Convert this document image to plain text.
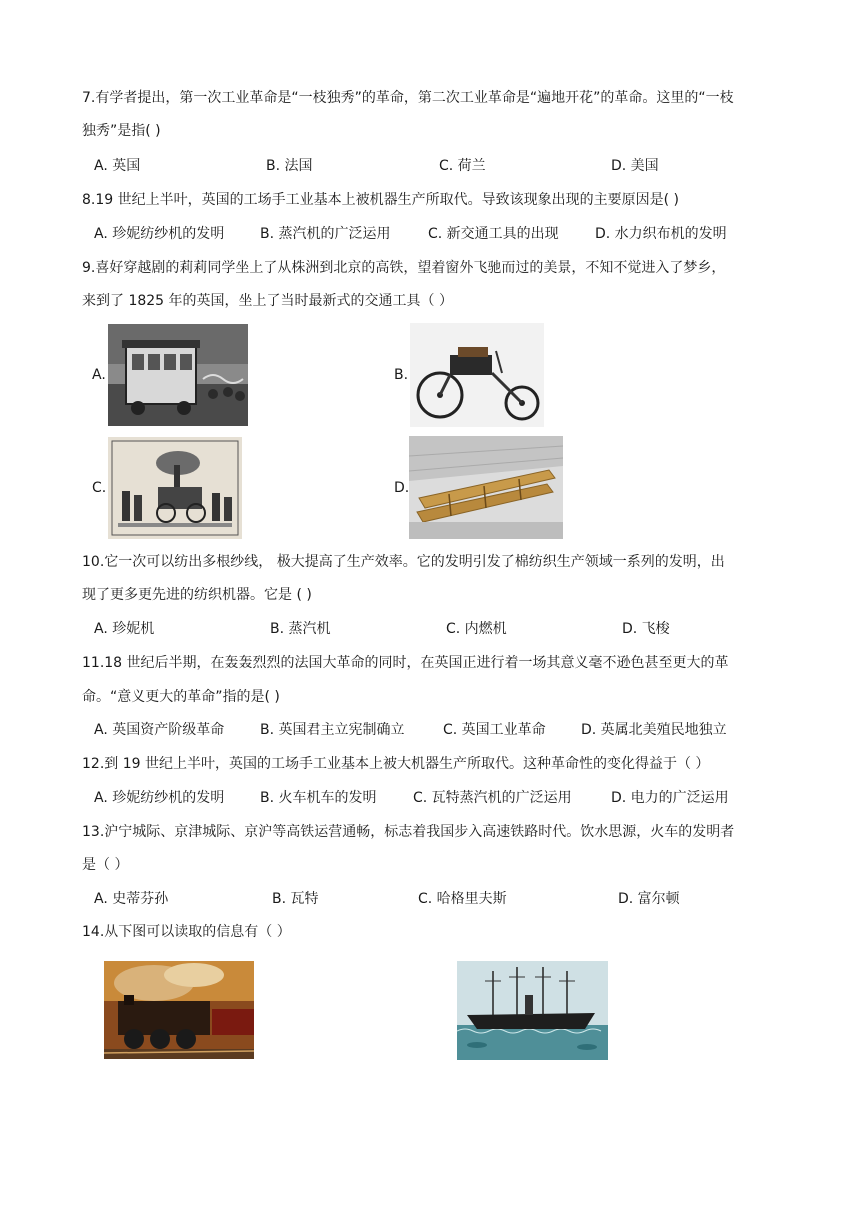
7.有学者提出，第一次工业革命是“一枝独秀”的革命，第二次工业革命是“遍地开花”的革命。这里的“一枝
独秀”是指( )
A. 英国	B. 法国	C. 荷兰	D. 美国
8.19 世纪上半叶，英国的工场手工业基本上被机器生产所取代。导致该现象出现的主要原因是( )
A. 珍妮纺纱机的发明	B. 蒸汽机的广泛运用	C. 新交通工具的出现	D. 水力织布机的发明
9.喜好穿越剧的莉莉同学坐上了从株洲到北京的高铁，望着窗外飞驰而过的美景，不知不觉进入了梦乡，
来到了 1825 年的英国，坐上了当时最新式的交通工具（ ）
A.	B.
C.	D.
10.它一次可以纺出多根纱线， 极大提高了生产效率。它的发明引发了棉纺织生产领域一系列的发明，出
现了更多更先进的纺织机器。它是 ( )
A. 珍妮机	B. 蒸汽机	C. 内燃机	D. 飞梭
11.18 世纪后半期，在轰轰烈烈的法国大革命的同时，在英国正进行着一场其意义毫不逊色甚至更大的革
命。“意义更大的革命”指的是( )
A. 英国资产阶级革命	B. 英国君主立宪制确立	C. 英国工业革命	D. 英属北美殖民地独立
12.到 19 世纪上半叶，英国的工场手工业基本上被大机器生产所取代。这种革命性的变化得益于（ ）
A. 珍妮纺纱机的发明	B. 火车机车的发明	C. 瓦特蒸汽机的广泛运用	D. 电力的广泛运用
13.沪宁城际、京津城际、京沪等高铁运营通畅，标志着我国步入高速铁路时代。饮水思源，火车的发明者
是（ ）
A. 史蒂芬孙	B. 瓦特	C. 哈格里夫斯	D. 富尔顿
14.从下图可以读取的信息有（ ）
